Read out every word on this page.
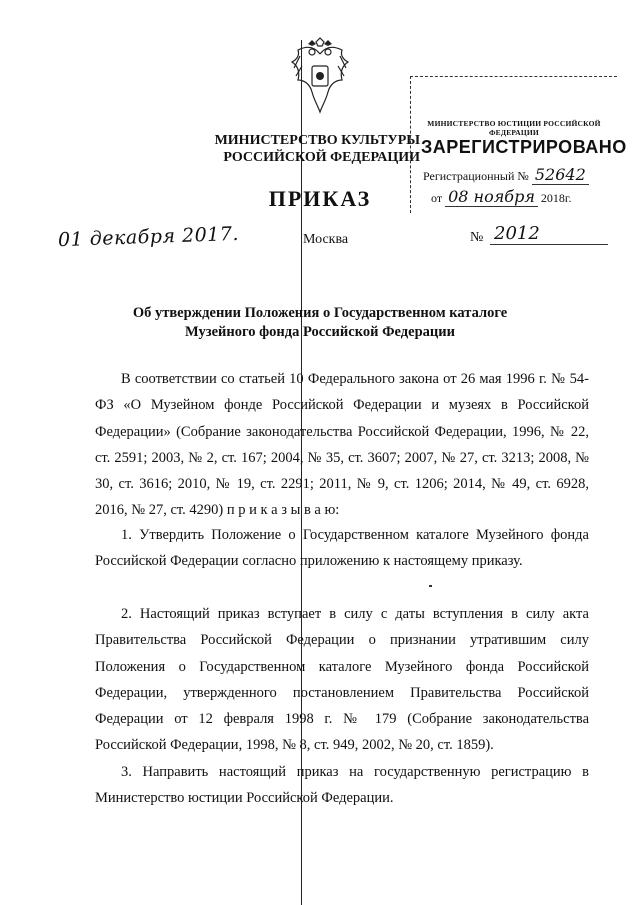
МИНИСТЕРСТВО КУЛЬТУРЫ
РОССИЙСКОЙ ФЕДЕРАЦИИ
МИНИСТЕРСТВО ЮСТИЦИИ РОССИЙСКОЙ ФЕДЕРАЦИИ
ЗАРЕГИСТРИРОВАНО
Регистрационный № 52642
от 08 ноября 2018г.
ПРИКАЗ
01 декабря 2017.	Москва	№ 2012
Об утверждении Положения о Государственном каталоге
Музейного фонда Российской Федерации
В соответствии со статьей 10 Федерального закона от 26 мая 1996 г. № 54-ФЗ «О Музейном фонде Российской Федерации и музеях в Российской Федерации» (Собрание законодательства Российской Федерации, 1996, № 22, ст. 2591; 2003, № 2, ст. 167; 2004, № 35, ст. 3607; 2007, № 27, ст. 3213; 2008, № 30, ст. 3616; 2010, № 19, ст. 2291; 2011, № 9, ст. 1206; 2014, № 49, ст. 6928, 2016, № 27, ст. 4290) п р и к а з ы в а ю:
1. Утвердить Положение о Государственном каталоге Музейного фонда Российской Федерации согласно приложению к настоящему приказу.
2. Настоящий приказ вступает в силу с даты вступления в силу акта Правительства Российской Федерации о признании утратившим силу Положения о Государственном каталоге Музейного фонда Российской Федерации, утвержденного постановлением Правительства Российской Федерации от 12 февраля 1998 г. № 179 (Собрание законодательства Российской Федерации, 1998, № 8, ст. 949, 2002, № 20, ст. 1859).
3. Направить настоящий приказ на государственную регистрацию в Министерство юстиции Российской Федерации.
